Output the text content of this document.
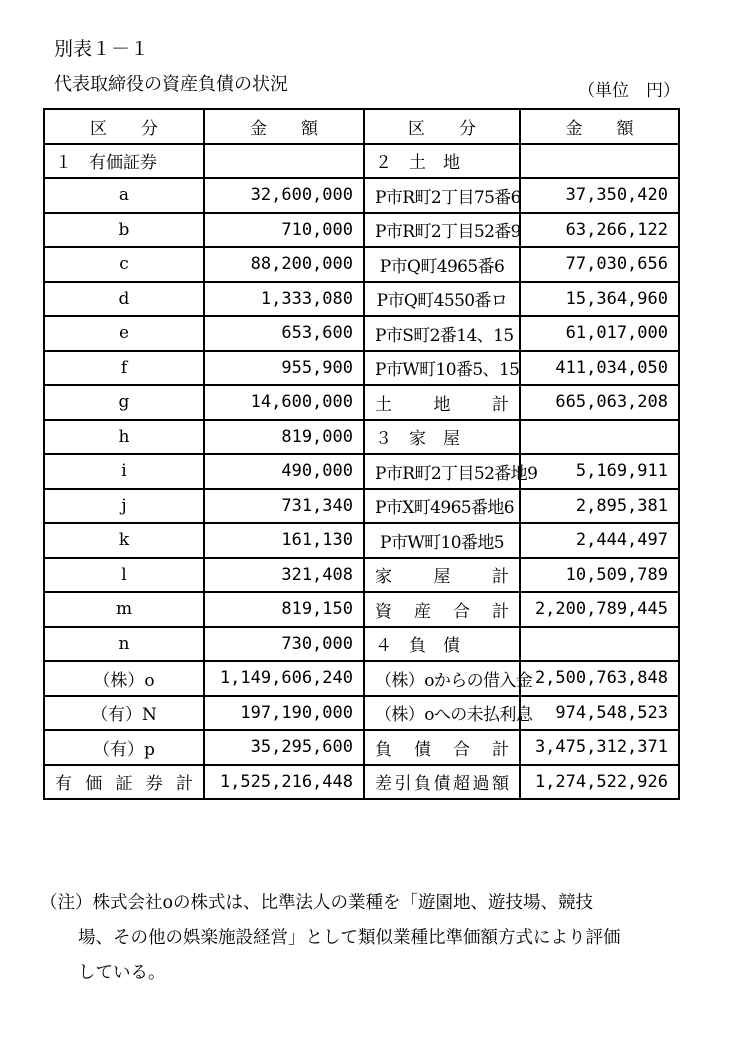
別表１－１
代表取締役の資産負債の状況	（単位　円）
区　　分	金　　額	区　　分	金　　額
１　有価証券		２　土　地	
a	32,600,000	P市R町2丁目75番6	37,350,420
b	710,000	P市R町2丁目52番9	63,266,122
c	88,200,000	P市Q町4965番6	77,030,656
d	1,333,080	P市Q町4550番ロ	15,364,960
e	653,600	P市S町2番14、15	61,017,000
f	955,900	P市W町10番5、15	411,034,050
g	14,600,000	土　地　計	665,063,208
h	819,000	３　家　屋	
i	490,000	P市R町2丁目52番地9	5,169,911
j	731,340	P市X町4965番地6	2,895,381
k	161,130	P市W町10番地5	2,444,497
l	321,408	家　屋　計	10,509,789
m	819,150	資　産　合　計	2,200,789,445
n	730,000	４　負　債	
（株）o	1,149,606,240	（株）oからの借入金	2,500,763,848
（有）N	197,190,000	（株）oへの未払利息	974,548,523
（有）p	35,295,600	負　債　合　計	3,475,312,371
有価証券計	1,525,216,448	差引負債超過額	1,274,522,926
（注）株式会社oの株式は、比準法人の業種を「遊園地、遊技場、競技
場、その他の娯楽施設経営」として類似業種比準価額方式により評価
している。
